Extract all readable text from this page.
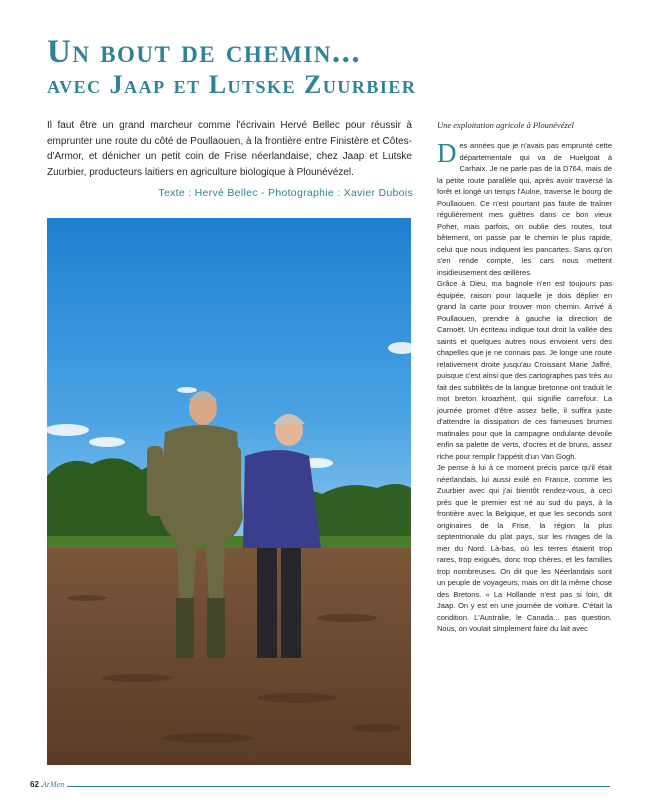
Un bout de chemin...
avec Jaap et Lutske Zuurbier

Il faut être un grand marcheur comme l'écrivain Hervé Bellec pour réussir à emprunter une route du côté de Poullaouen, à la frontière entre Finistère et Côtes-d'Armor, et dénicher un petit coin de Frise néerlandaise, chez Jaap et Lutske Zuurbier, producteurs laitiers en agriculture biologique à Plounévézel.

Texte : Hervé Bellec - Photographie : Xavier Dubois

Une exploitation agricole à Plounévézel

Des années que je n'avais pas emprunté cette départementale qui va de Huelgoat à Carhaix. Je ne parle pas de la D764, mais de la petite route parallèle qui, après avoir traversé la forêt et longé un temps l'Aulne, traverse le bourg de Poullaouen. Ce n'est pourtant pas faute de traîner régulièrement mes guêtres dans ce bon vieux Poher, mais parfois, on oublie des routes, tout bêtement, on passe par le chemin le plus rapide, celui que nous indiquent les pancartes. Sans qu'on s'en rende compte, les cars nous mettent insidieusement des œillères.

Grâce à Dieu, ma bagnole n'en est toujours pas équipée, raison pour laquelle je dois déplier en grand la carte pour trouver mon chemin. Arrivé à Poullaouen, prendre à gauche la direction de Carnoët. Un écriteau indique tout droit la vallée des saints et quelques autres nous envoient vers des chapelles que je ne connais pas. Je longe une route relativement droite jusqu'au Croissant Marie Jaffré, puisque c'est ainsi que des cartographes pas très au fait des subtilités de la langue bretonne ont traduit le mot breton kroazhent, qui signifie carrefour. La journée promet d'être assez belle, il suffira juste d'attendre la dissipation de ces fameuses brumes matinales pour que la campagne ondulante dévoile enfin sa palette de verts, d'ocres et de bruns, assez riche pour remplir l'appétit d'un Van Gogh.

Je pense à lui à ce moment précis parce qu'il était néerlandais, lui aussi exilé en France, comme les Zuurbier avec qui j'ai bientôt rendez-vous, à ceci près que le premier est né au sud du pays, à la frontière avec la Belgique, et que les seconds sont originaires de la Frise, la région la plus septentrionale du plat pays, sur les rivages de la mer du Nord. Là-bas, où les terres étaient trop rares, trop exiguës, donc trop chères, et les familles trop nombreuses. On dit que les Néerlandais sont un peuple de voyageurs, mais on dit la même chose des Bretons. « La Hollande n'est pas si loin, dit Jaap. On y est en une journée de voiture. C'était la condition. L'Australie, le Canada... pas question. Nous, on voulait simplement faire du lait avec

62 ArMen
